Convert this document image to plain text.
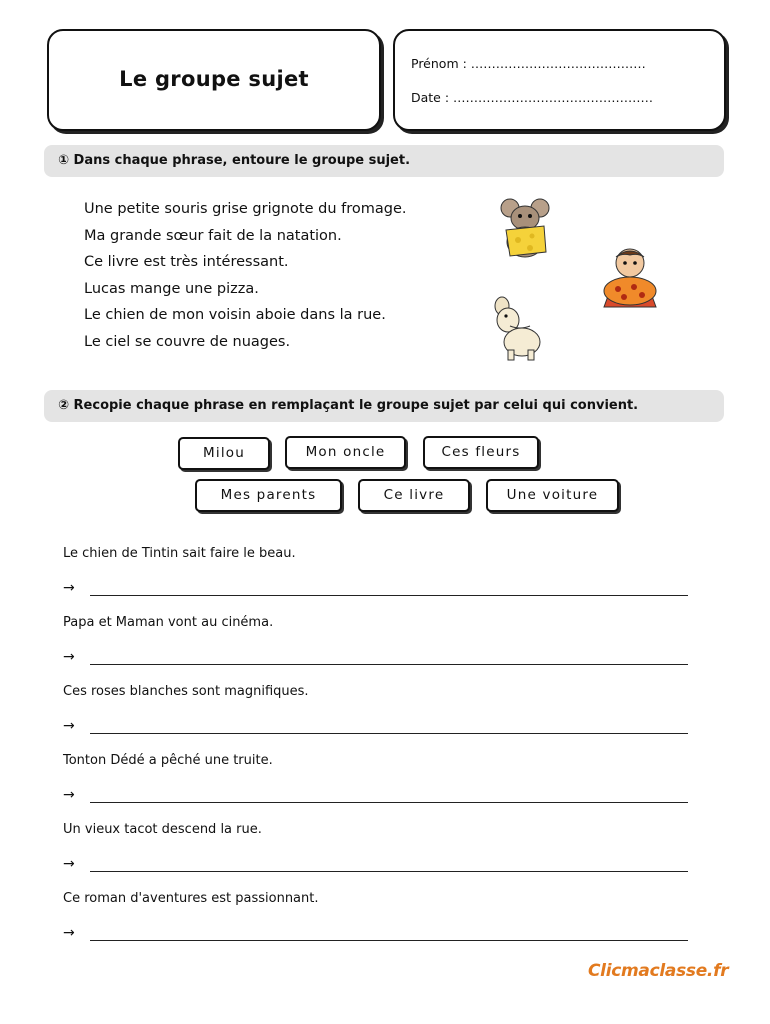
Le groupe sujet
Prénom : ……………………………………
Date : …………………………………………
① Dans chaque phrase, entoure le groupe sujet.
Une petite souris grise grignote du fromage.
Ma grande sœur fait de la natation.
Ce livre est très intéressant.
Lucas mange une pizza.
Le chien de mon voisin aboie dans la rue.
Le ciel se couvre de nuages.
② Recopie chaque phrase en remplaçant le groupe sujet par celui qui convient.
Milou	Mon oncle	Ces fleurs
Mes parents	Ce livre	Une voiture
Le chien de Tintin sait faire le beau.
→
Papa et Maman vont au cinéma.
→
Ces roses blanches sont magnifiques.
→
Tonton Dédé a pêché une truite.
→
Un vieux tacot descend la rue.
→
Ce roman d'aventures est passionnant.
→
Clicmaclasse.fr
